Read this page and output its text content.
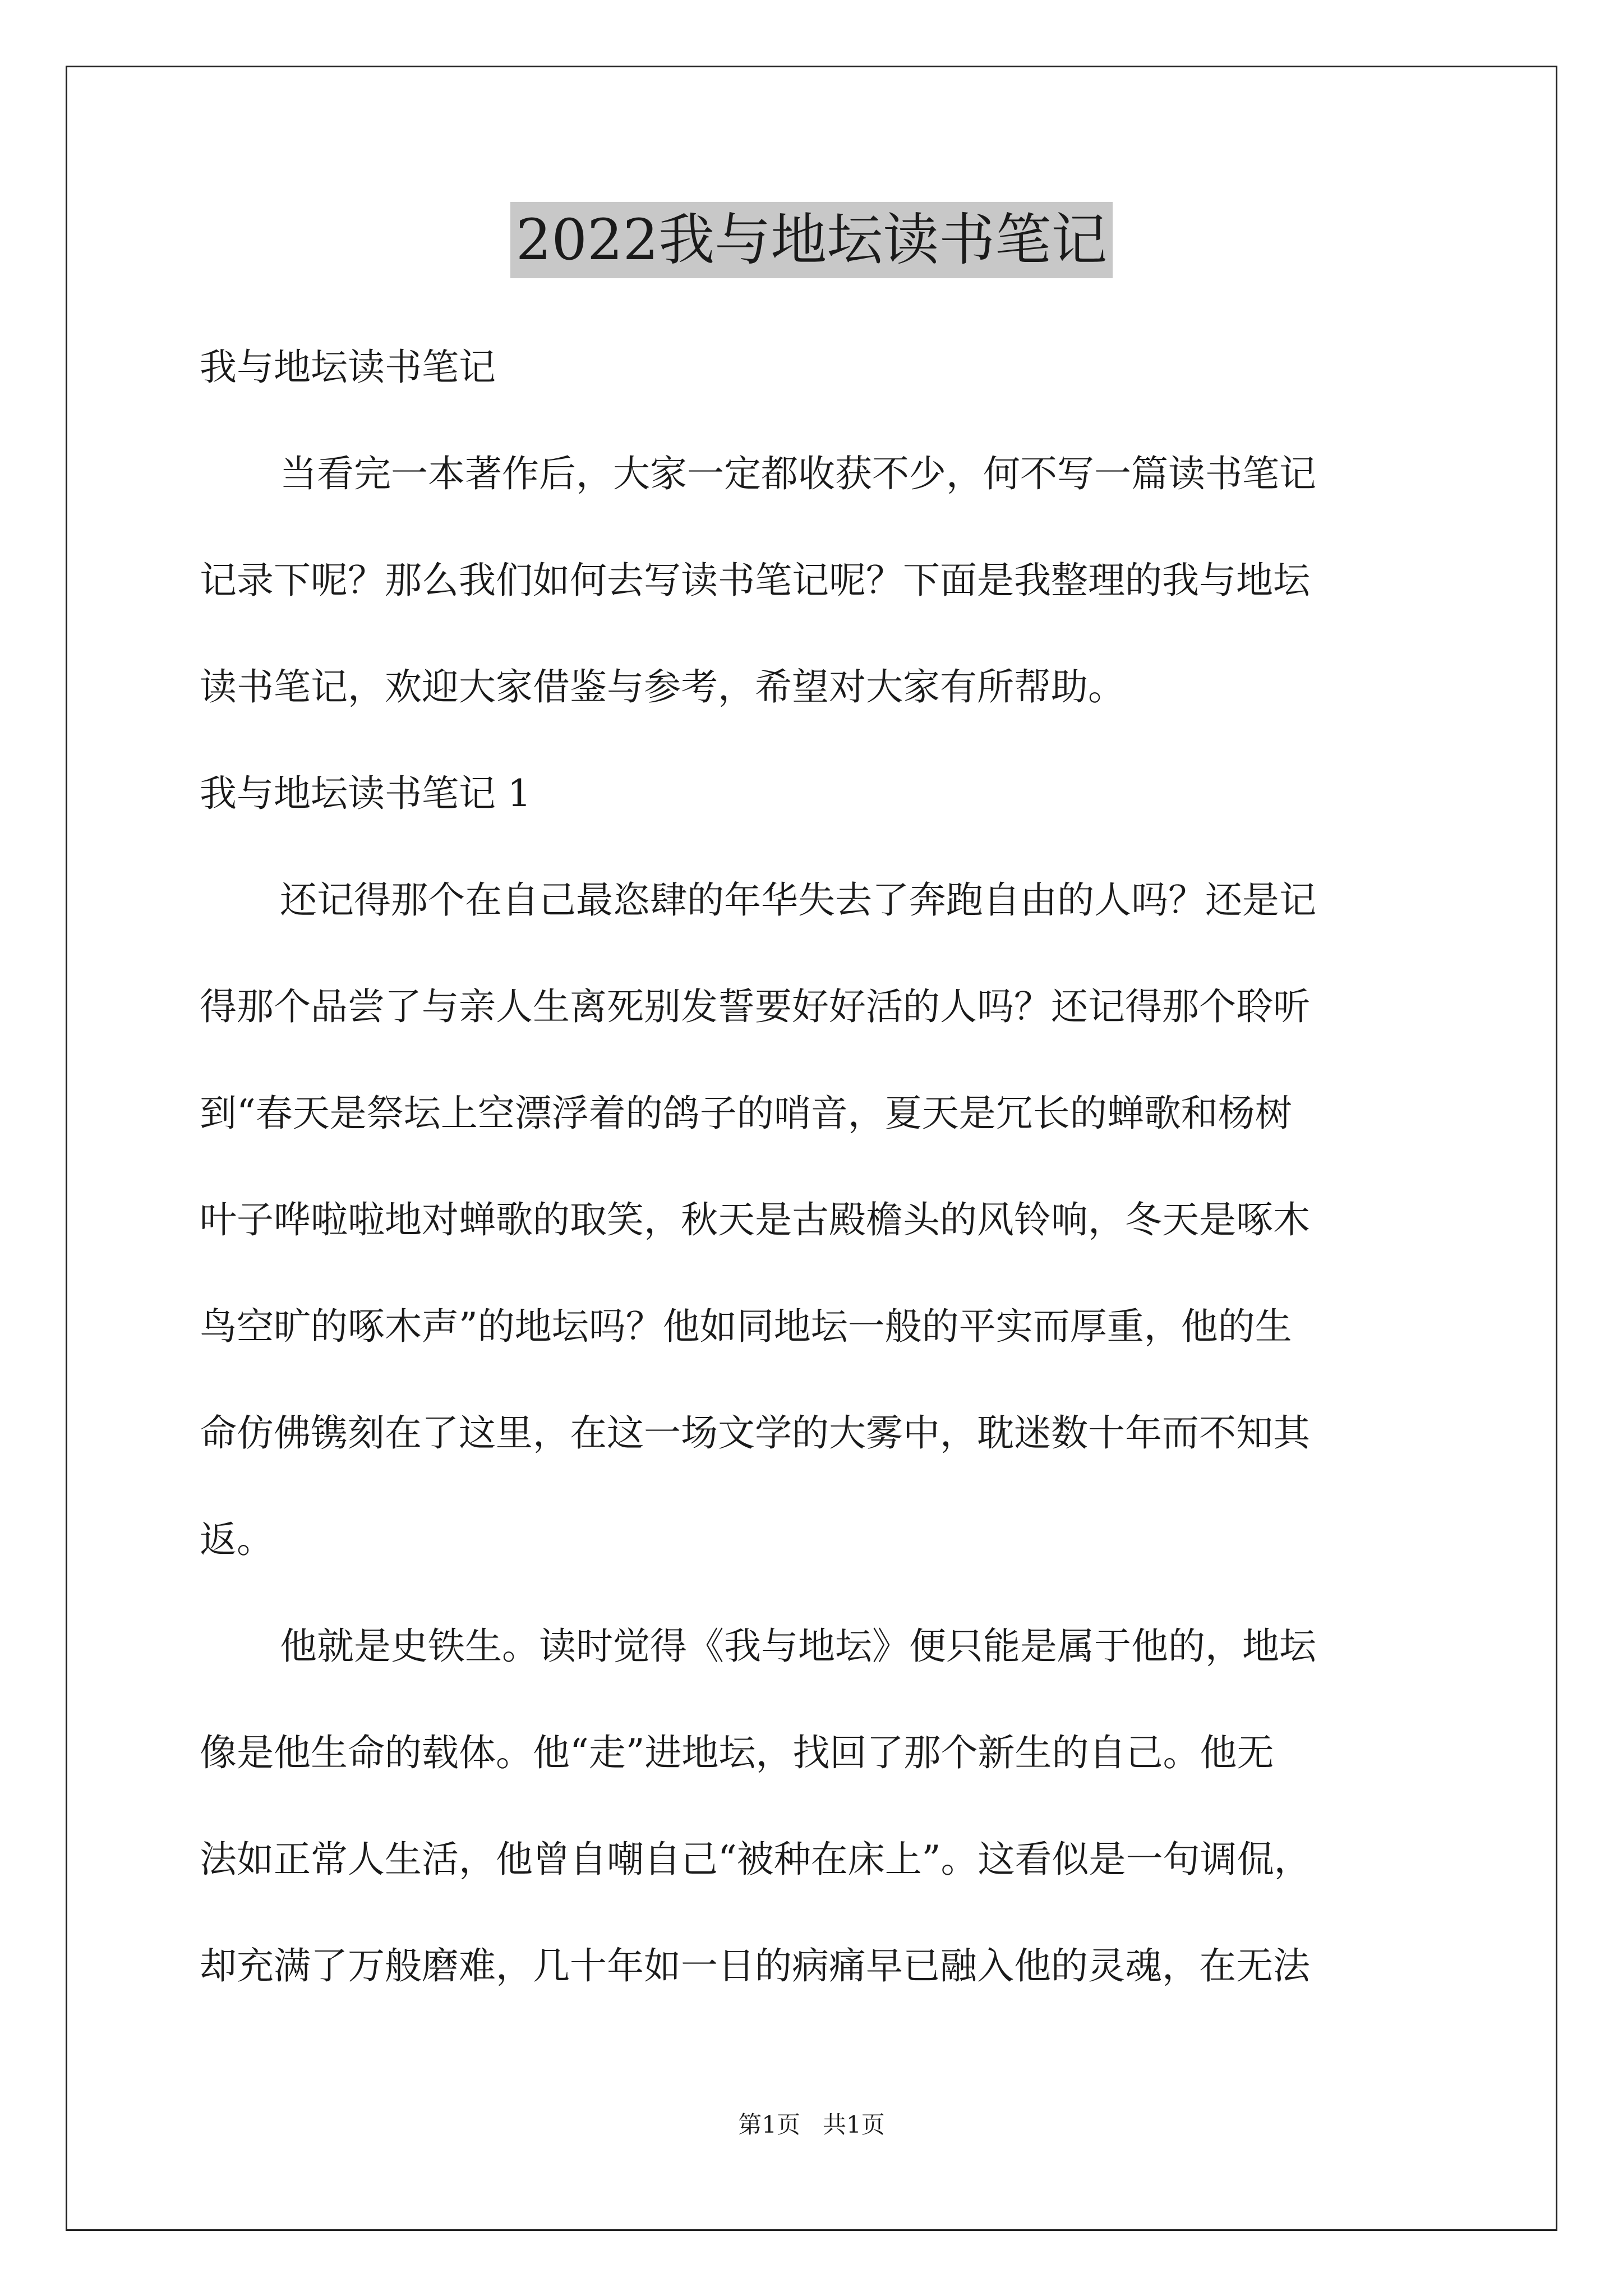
2022我与地坛读书笔记
我与地坛读书笔记
当看完一本著作后，大家一定都收获不少，何不写一篇读书笔记
记录下呢？那么我们如何去写读书笔记呢？下面是我整理的我与地坛
读书笔记，欢迎大家借鉴与参考，希望对大家有所帮助。
我与地坛读书笔记 1
还记得那个在自己最恣肆的年华失去了奔跑自由的人吗？还是记
得那个品尝了与亲人生离死别发誓要好好活的人吗？还记得那个聆听
到“春天是祭坛上空漂浮着的鸽子的哨音，夏天是冗长的蝉歌和杨树
叶子哗啦啦地对蝉歌的取笑，秋天是古殿檐头的风铃响，冬天是啄木
鸟空旷的啄木声”的地坛吗？他如同地坛一般的平实而厚重，他的生
命仿佛镌刻在了这里，在这一场文学的大雾中，耽迷数十年而不知其
返。
他就是史铁生。读时觉得《我与地坛》便只能是属于他的，地坛
像是他生命的载体。他“走”进地坛，找回了那个新生的自己。他无
法如正常人生活，他曾自嘲自己“被种在床上”。这看似是一句调侃，
却充满了万般磨难，几十年如一日的病痛早已融入他的灵魂，在无法
第1页   共1页
